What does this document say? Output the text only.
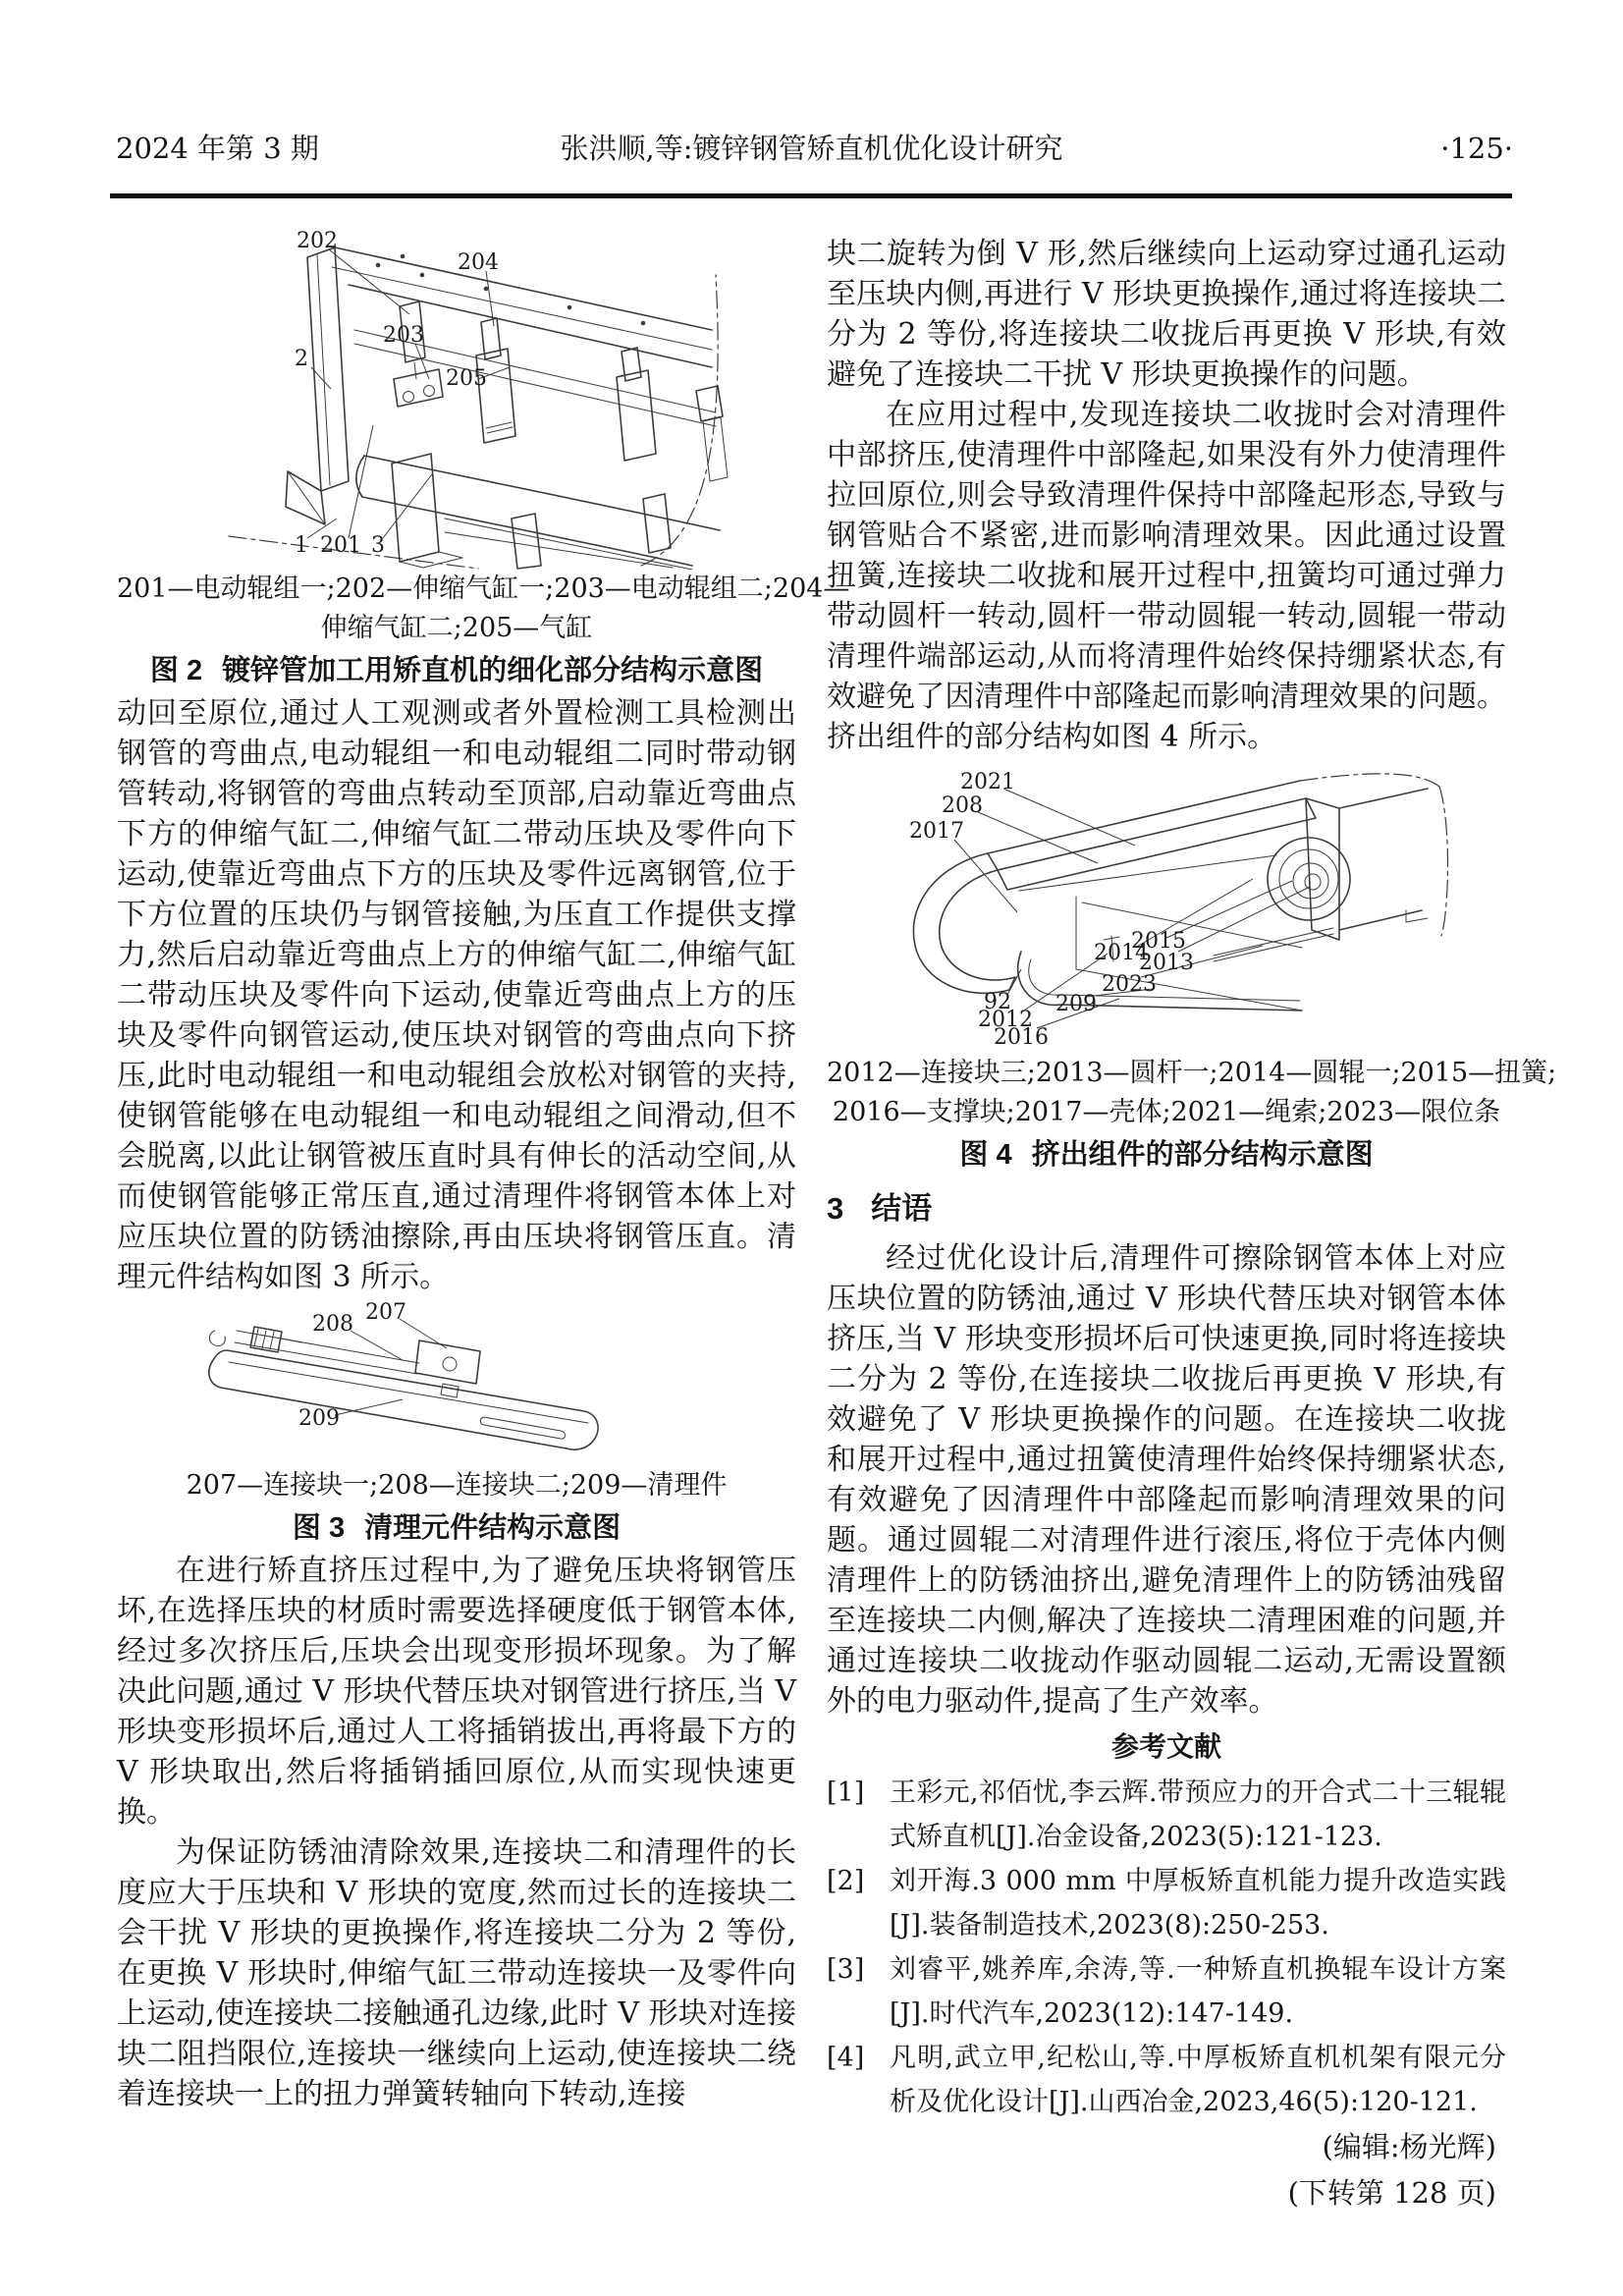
2024 年第 3 期	张洪顺,等:镀锌钢管矫直机优化设计研究	·125·
202
204
203
205
2
1 201 3
201—电动辊组一;202—伸缩气缸一;203—电动辊组二;204—
伸缩气缸二;205—气缸
图 2 镀锌管加工用矫直机的细化部分结构示意图

动回至原位,通过人工观测或者外置检测工具检测出钢管的弯曲点,电动辊组一和电动辊组二同时带动钢管转动,将钢管的弯曲点转动至顶部,启动靠近弯曲点下方的伸缩气缸二,伸缩气缸二带动压块及零件向下运动,使靠近弯曲点下方的压块及零件远离钢管,位于下方位置的压块仍与钢管接触,为压直工作提供支撑力,然后启动靠近弯曲点上方的伸缩气缸二,伸缩气缸二带动压块及零件向下运动,使靠近弯曲点上方的压块及零件向钢管运动,使压块对钢管的弯曲点向下挤压,此时电动辊组一和电动辊组会放松对钢管的夹持,使钢管能够在电动辊组一和电动辊组之间滑动,但不会脱离,以此让钢管被压直时具有伸长的活动空间,从而使钢管能够正常压直,通过清理件将钢管本体上对应压块位置的防锈油擦除,再由压块将钢管压直。清理元件结构如图 3 所示。

207
208
209
207—连接块一;208—连接块二;209—清理件
图 3 清理元件结构示意图

在进行矫直挤压过程中,为了避免压块将钢管压坏,在选择压块的材质时需要选择硬度低于钢管本体,经过多次挤压后,压块会出现变形损坏现象。为了解决此问题,通过 V 形块代替压块对钢管进行挤压,当 V 形块变形损坏后,通过人工将插销拔出,再将最下方的 V 形块取出,然后将插销插回原位,从而实现快速更换。

为保证防锈油清除效果,连接块二和清理件的长度应大于压块和 V 形块的宽度,然而过长的连接块二会干扰 V 形块的更换操作,将连接块二分为 2 等份,在更换 V 形块时,伸缩气缸三带动连接块一及零件向上运动,使连接块二接触通孔边缘,此时 V 形块对连接块二阻挡限位,连接块一继续向上运动,使连接块二绕着连接块一上的扭力弹簧转轴向下转动,连接

块二旋转为倒 V 形,然后继续向上运动穿过通孔运动至压块内侧,再进行 V 形块更换操作,通过将连接块二分为 2 等份,将连接块二收拢后再更换 V 形块,有效避免了连接块二干扰 V 形块更换操作的问题。

在应用过程中,发现连接块二收拢时会对清理件中部挤压,使清理件中部隆起,如果没有外力使清理件拉回原位,则会导致清理件保持中部隆起形态,导致与钢管贴合不紧密,进而影响清理效果。因此通过设置扭簧,连接块二收拢和展开过程中,扭簧均可通过弹力带动圆杆一转动,圆杆一带动圆辊一转动,圆辊一带动清理件端部运动,从而将清理件始终保持绷紧状态,有效避免了因清理件中部隆起而影响清理效果的问题。挤出组件的部分结构如图 4 所示。

2021
208
2017
2014
2015
2013
2023
92
2012
2016
209
2012—连接块三;2013—圆杆一;2014—圆辊一;2015—扭簧;
2016—支撑块;2017—壳体;2021—绳索;2023—限位条
图 4 挤出组件的部分结构示意图
3 结语

经过优化设计后,清理件可擦除钢管本体上对应压块位置的防锈油,通过 V 形块代替压块对钢管本体挤压,当 V 形块变形损坏后可快速更换,同时将连接块二分为 2 等份,在连接块二收拢后再更换 V 形块,有效避免了 V 形块更换操作的问题。在连接块二收拢和展开过程中,通过扭簧使清理件始终保持绷紧状态,有效避免了因清理件中部隆起而影响清理效果的问题。通过圆辊二对清理件进行滚压,将位于壳体内侧清理件上的防锈油挤出,避免清理件上的防锈油残留至连接块二内侧,解决了连接块二清理困难的问题,并通过连接块二收拢动作驱动圆辊二运动,无需设置额外的电力驱动件,提高了生产效率。

参考文献
[1] 王彩元,祁佰忧,李云辉.带预应力的开合式二十三辊辊式矫直机[J].冶金设备,2023(5):121-123.
[2] 刘开海.3 000 mm 中厚板矫直机能力提升改造实践[J].装备制造技术,2023(8):250-253.
[3] 刘睿平,姚养库,余涛,等.一种矫直机换辊车设计方案[J].时代汽车,2023(12):147-149.
[4] 凡明,武立甲,纪松山,等.中厚板矫直机机架有限元分析及优化设计[J].山西冶金,2023,46(5):120-121.
(编辑:杨光辉)
(下转第 128 页)
